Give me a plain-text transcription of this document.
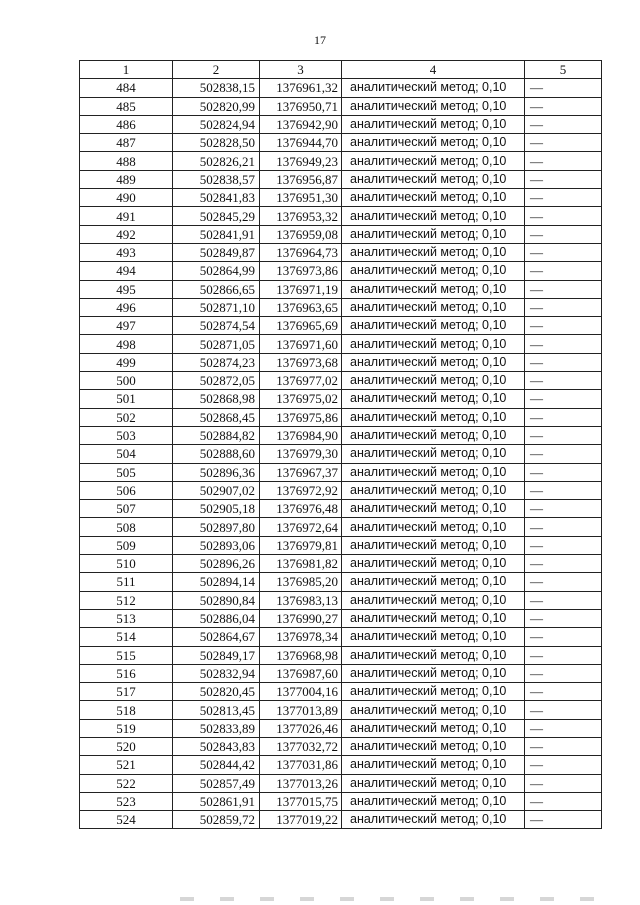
17
1	2	3	4	5
484	502838,15	1376961,32	аналитический метод; 0,10	—
485	502820,99	1376950,71	аналитический метод; 0,10	—
486	502824,94	1376942,90	аналитический метод; 0,10	—
487	502828,50	1376944,70	аналитический метод; 0,10	—
488	502826,21	1376949,23	аналитический метод; 0,10	—
489	502838,57	1376956,87	аналитический метод; 0,10	—
490	502841,83	1376951,30	аналитический метод; 0,10	—
491	502845,29	1376953,32	аналитический метод; 0,10	—
492	502841,91	1376959,08	аналитический метод; 0,10	—
493	502849,87	1376964,73	аналитический метод; 0,10	—
494	502864,99	1376973,86	аналитический метод; 0,10	—
495	502866,65	1376971,19	аналитический метод; 0,10	—
496	502871,10	1376963,65	аналитический метод; 0,10	—
497	502874,54	1376965,69	аналитический метод; 0,10	—
498	502871,05	1376971,60	аналитический метод; 0,10	—
499	502874,23	1376973,68	аналитический метод; 0,10	—
500	502872,05	1376977,02	аналитический метод; 0,10	—
501	502868,98	1376975,02	аналитический метод; 0,10	—
502	502868,45	1376975,86	аналитический метод; 0,10	—
503	502884,82	1376984,90	аналитический метод; 0,10	—
504	502888,60	1376979,30	аналитический метод; 0,10	—
505	502896,36	1376967,37	аналитический метод; 0,10	—
506	502907,02	1376972,92	аналитический метод; 0,10	—
507	502905,18	1376976,48	аналитический метод; 0,10	—
508	502897,80	1376972,64	аналитический метод; 0,10	—
509	502893,06	1376979,81	аналитический метод; 0,10	—
510	502896,26	1376981,82	аналитический метод; 0,10	—
511	502894,14	1376985,20	аналитический метод; 0,10	—
512	502890,84	1376983,13	аналитический метод; 0,10	—
513	502886,04	1376990,27	аналитический метод; 0,10	—
514	502864,67	1376978,34	аналитический метод; 0,10	—
515	502849,17	1376968,98	аналитический метод; 0,10	—
516	502832,94	1376987,60	аналитический метод; 0,10	—
517	502820,45	1377004,16	аналитический метод; 0,10	—
518	502813,45	1377013,89	аналитический метод; 0,10	—
519	502833,89	1377026,46	аналитический метод; 0,10	—
520	502843,83	1377032,72	аналитический метод; 0,10	—
521	502844,42	1377031,86	аналитический метод; 0,10	—
522	502857,49	1377013,26	аналитический метод; 0,10	—
523	502861,91	1377015,75	аналитический метод; 0,10	—
524	502859,72	1377019,22	аналитический метод; 0,10	—
